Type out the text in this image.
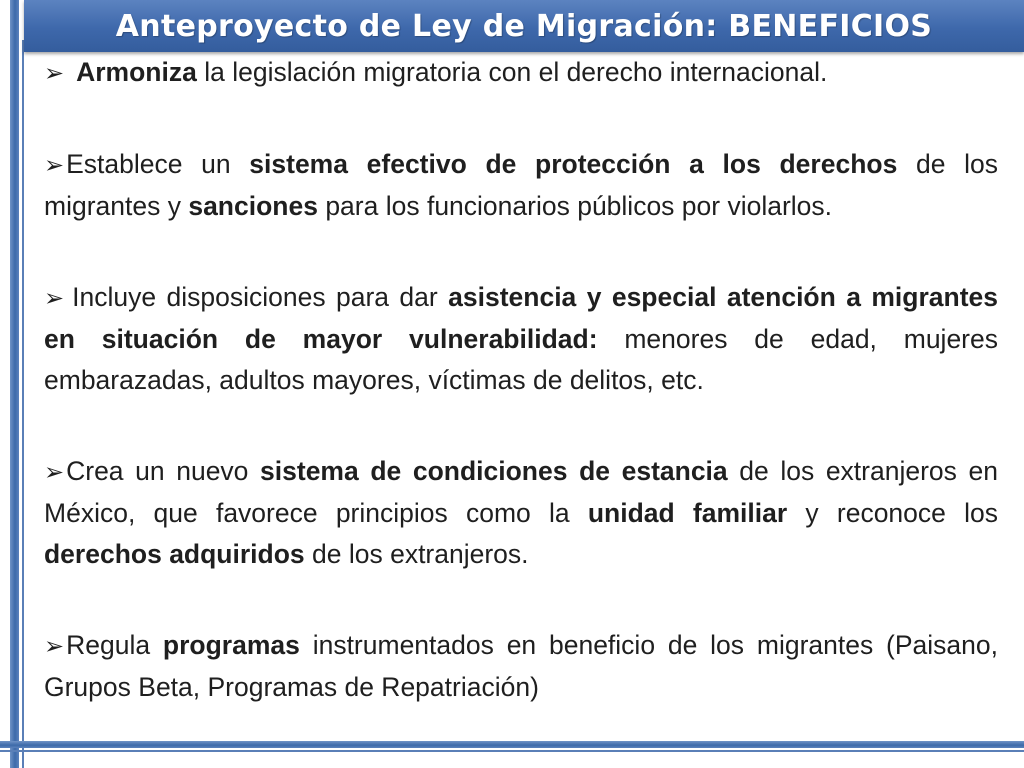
Anteproyecto de Ley de Migración: BENEFICIOS

➢ Armoniza la legislación migratoria con el derecho internacional.

➢Establece un sistema efectivo de protección a los derechos de los migrantes y sanciones para los funcionarios públicos por violarlos.

➢ Incluye disposiciones para dar asistencia y especial atención a migrantes en situación de mayor vulnerabilidad: menores de edad, mujeres embarazadas, adultos mayores, víctimas de delitos, etc.

➢Crea un nuevo sistema de condiciones de estancia de los extranjeros en México, que favorece principios como la unidad familiar y reconoce los derechos adquiridos de los extranjeros.

➢Regula programas instrumentados en beneficio de los migrantes (Paisano, Grupos Beta, Programas de Repatriación)
